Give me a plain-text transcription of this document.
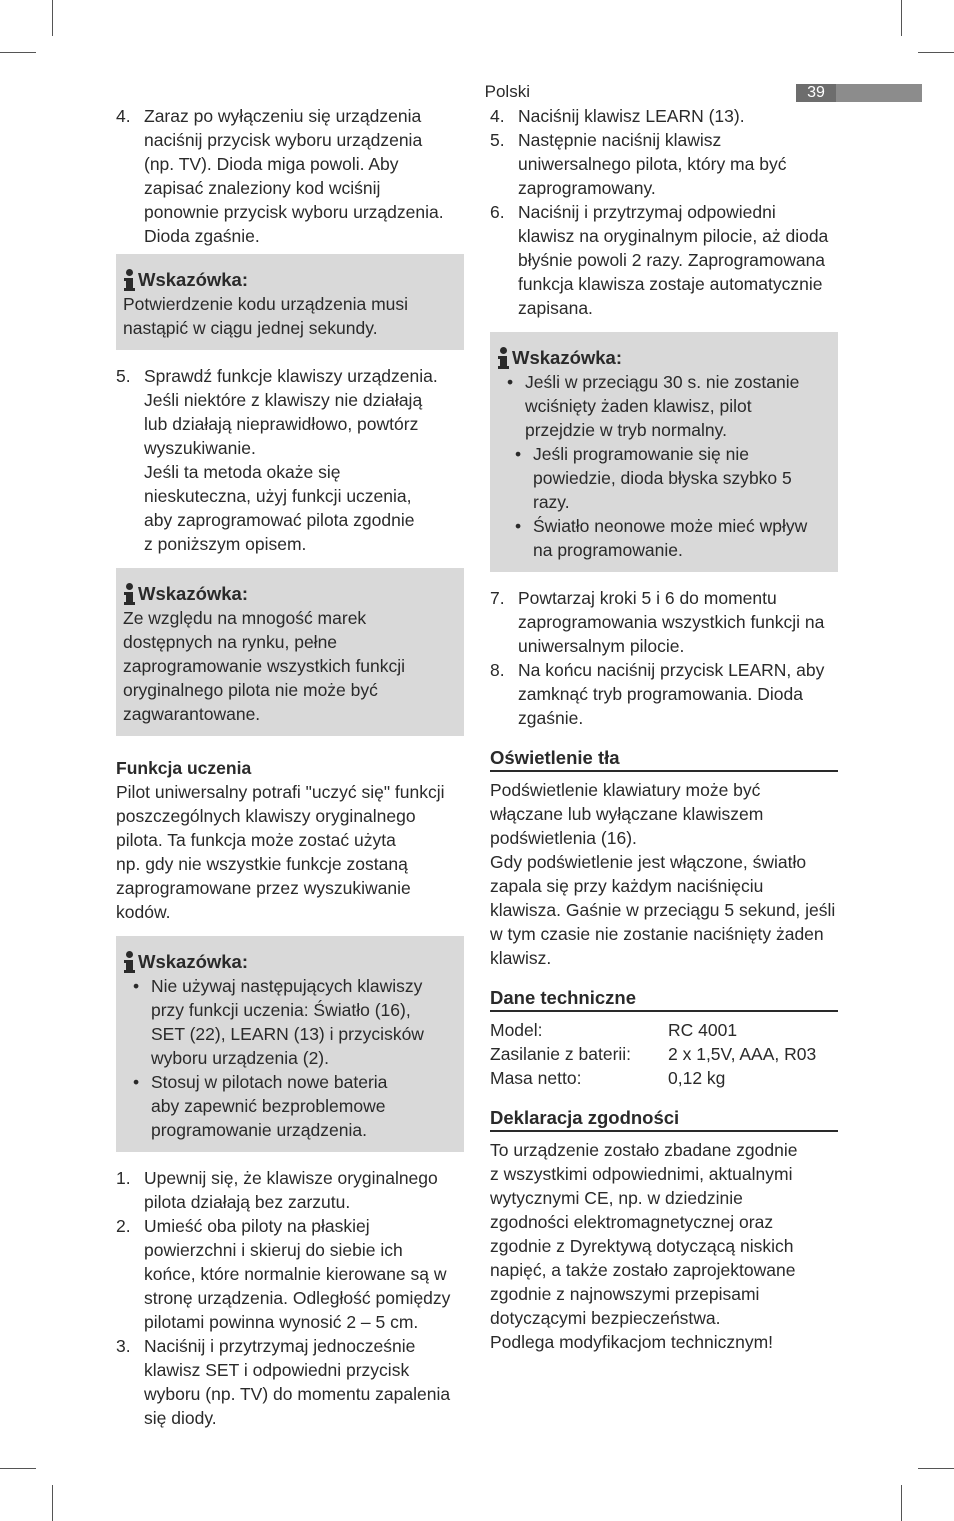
Polski	39
4. Zaraz po wyłączeniu się urządzenia
naciśnij przycisk wyboru urządzenia
(np. TV). Dioda miga powoli. Aby
zapisać znaleziony kod wciśnij
ponownie przycisk wyboru urządzenia.
Dioda zgaśnie.
Wskazówka:
Potwierdzenie kodu urządzenia musi
nastąpić w ciągu jednej sekundy.
5. Sprawdź funkcje klawiszy urządzenia.
Jeśli niektóre z klawiszy nie działają
lub działają nieprawidłowo, powtórz
wyszukiwanie.
Jeśli ta metoda okaże się
nieskuteczna, użyj funkcji uczenia,
aby zaprogramować pilota zgodnie
z poniższym opisem.
Wskazówka:
Ze względu na mnogość marek
dostępnych na rynku, pełne
zaprogramowanie wszystkich funkcji
oryginalnego pilota nie może być
zagwarantowane.
Funkcja uczenia
Pilot uniwersalny potrafi "uczyć się" funkcji
poszczególnych klawiszy oryginalnego
pilota. Ta funkcja może zostać użyta
np. gdy nie wszystkie funkcje zostaną
zaprogramowane przez wyszukiwanie
kodów.
Wskazówka:
• Nie używaj następujących klawiszy
przy funkcji uczenia: Światło (16),
SET (22), LEARN (13) i przycisków
wyboru urządzenia (2).
• Stosuj w pilotach nowe bateria
aby zapewnić bezproblemowe
programowanie urządzenia.
1. Upewnij się, że klawisze oryginalnego
pilota działają bez zarzutu.
2. Umieść oba piloty na płaskiej
powierzchni i skieruj do siebie ich
końce, które normalnie kierowane są w
stronę urządzenia. Odległość pomiędzy
pilotami powinna wynosić 2 – 5 cm.
3. Naciśnij i przytrzymaj jednocześnie
klawisz SET i odpowiedni przycisk
wyboru (np. TV) do momentu zapalenia
się diody.
4. Naciśnij klawisz LEARN (13).
5. Następnie naciśnij klawisz
uniwersalnego pilota, który ma być
zaprogramowany.
6. Naciśnij i przytrzymaj odpowiedni
klawisz na oryginalnym pilocie, aż dioda
błyśnie powoli 2 razy. Zaprogramowana
funkcja klawisza zostaje automatycznie
zapisana.
Wskazówka:
• Jeśli w przeciągu 30 s. nie zostanie
wciśnięty żaden klawisz, pilot
przejdzie w tryb normalny.
• Jeśli programowanie się nie
powiedzie, dioda błyska szybko 5 razy.
• Światło neonowe może mieć wpływ
na programowanie.
7. Powtarzaj kroki 5 i 6 do momentu
zaprogramowania wszystkich funkcji na
uniwersalnym pilocie.
8. Na końcu naciśnij przycisk LEARN, aby
zamknąć tryb programowania. Dioda
zgaśnie.
Oświetlenie tła
Podświetlenie klawiatury może być
włączane lub wyłączane klawiszem
podświetlenia (16).
Gdy podświetlenie jest włączone, światło
zapala się przy każdym naciśnięciu
klawisza. Gaśnie w przeciągu 5 sekund, jeśli
w tym czasie nie zostanie naciśnięty żaden
klawisz.
Dane techniczne
Model:	RC 4001
Zasilanie z baterii:	2 x 1,5V, AAA, R03
Masa netto:	0,12 kg
Deklaracja zgodności
To urządzenie zostało zbadane zgodnie
z wszystkimi odpowiednimi, aktualnymi
wytycznymi CE, np. w dziedzinie
zgodności elektromagnetycznej oraz
zgodnie z Dyrektywą dotyczącą niskich
napięć, a także zostało zaprojektowane
zgodnie z najnowszymi przepisami
dotyczącymi bezpieczeństwa.
Podlega modyfikacjom technicznym!
